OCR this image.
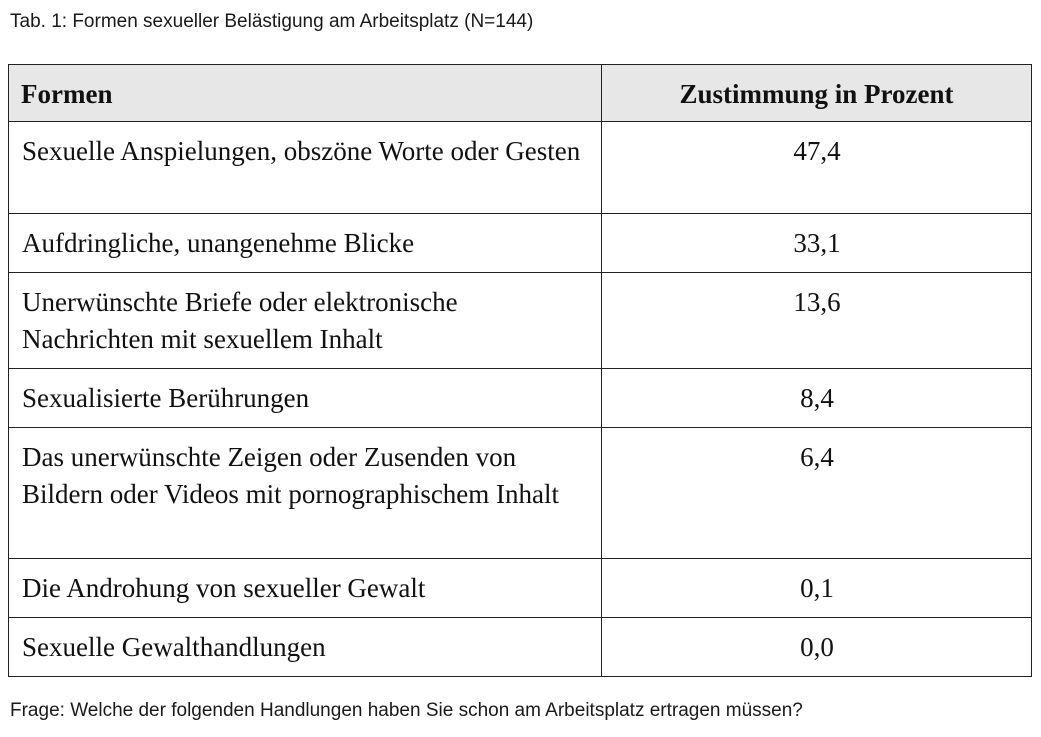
Tab. 1: Formen sexueller Belästigung am Arbeitsplatz (N=144)
Formen	Zustimmung in Prozent
Sexuelle Anspielungen, obszöne Worte oder Gesten	47,4
Aufdringliche, unangenehme Blicke	33,1
Unerwünschte Briefe oder elektronische Nachrichten mit sexuellem Inhalt	13,6
Sexualisierte Berührungen	8,4
Das unerwünschte Zeigen oder Zusenden von Bildern oder Videos mit pornographischem Inhalt	6,4
Die Androhung von sexueller Gewalt	0,1
Sexuelle Gewalthandlungen	0,0
Frage: Welche der folgenden Handlungen haben Sie schon am Arbeitsplatz ertragen müssen?
